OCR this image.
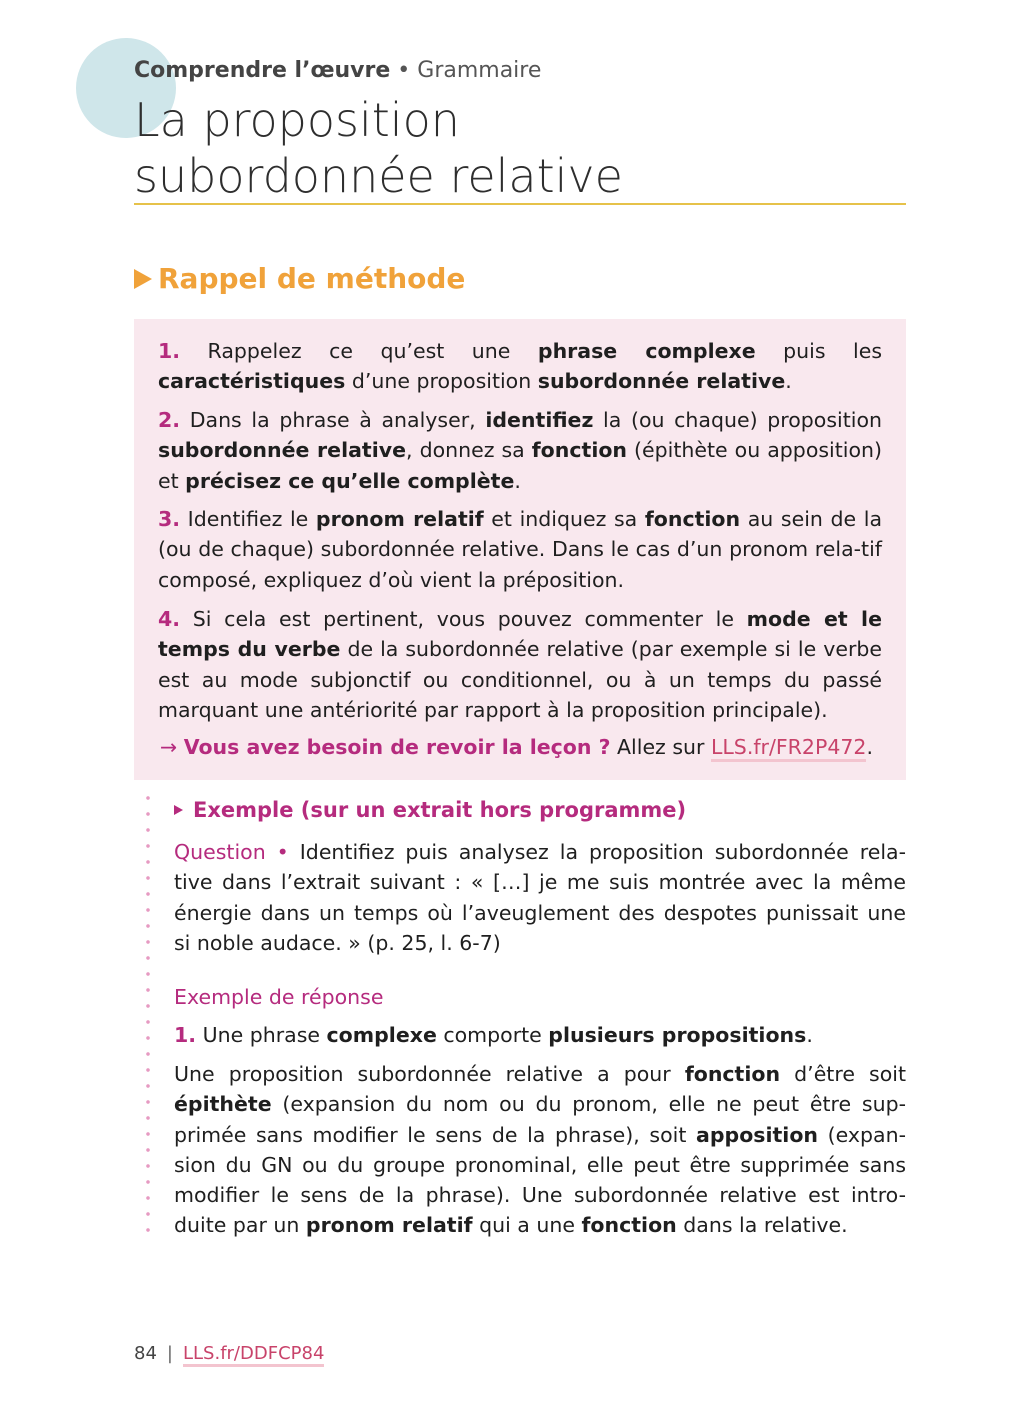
Comprendre l’œuvre • Grammaire
La proposition
subordonnée relative
Rappel de méthode
1. Rappelez ce qu’est une phrase complexe puis les caractéristiques d’une proposition subordonnée relative.
2. Dans la phrase à analyser, identifiez la (ou chaque) proposition subordonnée relative, donnez sa fonction (épithète ou apposition) et précisez ce qu’elle complète.
3. Identifiez le pronom relatif et indiquez sa fonction au sein de la (ou de chaque) subordonnée relative. Dans le cas d’un pronom rela-tif composé, expliquez d’où vient la préposition.
4. Si cela est pertinent, vous pouvez commenter le mode et le temps du verbe de la subordonnée relative (par exemple si le verbe est au mode subjonctif ou conditionnel, ou à un temps du passé marquant une antériorité par rapport à la proposition principale).
→ Vous avez besoin de revoir la leçon ? Allez sur LLS.fr/FR2P472.
Exemple (sur un extrait hors programme)
Question • Identifiez puis analysez la proposition subordonnée rela-tive dans l’extrait suivant : « […] je me suis montrée avec la même énergie dans un temps où l’aveuglement des despotes punissait une si noble audace. » (p. 25, l. 6-7)
Exemple de réponse
1. Une phrase complexe comporte plusieurs propositions.
Une proposition subordonnée relative a pour fonction d’être soit épithète (expansion du nom ou du pronom, elle ne peut être sup-primée sans modifier le sens de la phrase), soit apposition (expan-sion du GN ou du groupe pronominal, elle peut être supprimée sans modifier le sens de la phrase). Une subordonnée relative est intro-duite par un pronom relatif qui a une fonction dans la relative.
84 | LLS.fr/DDFCP84
